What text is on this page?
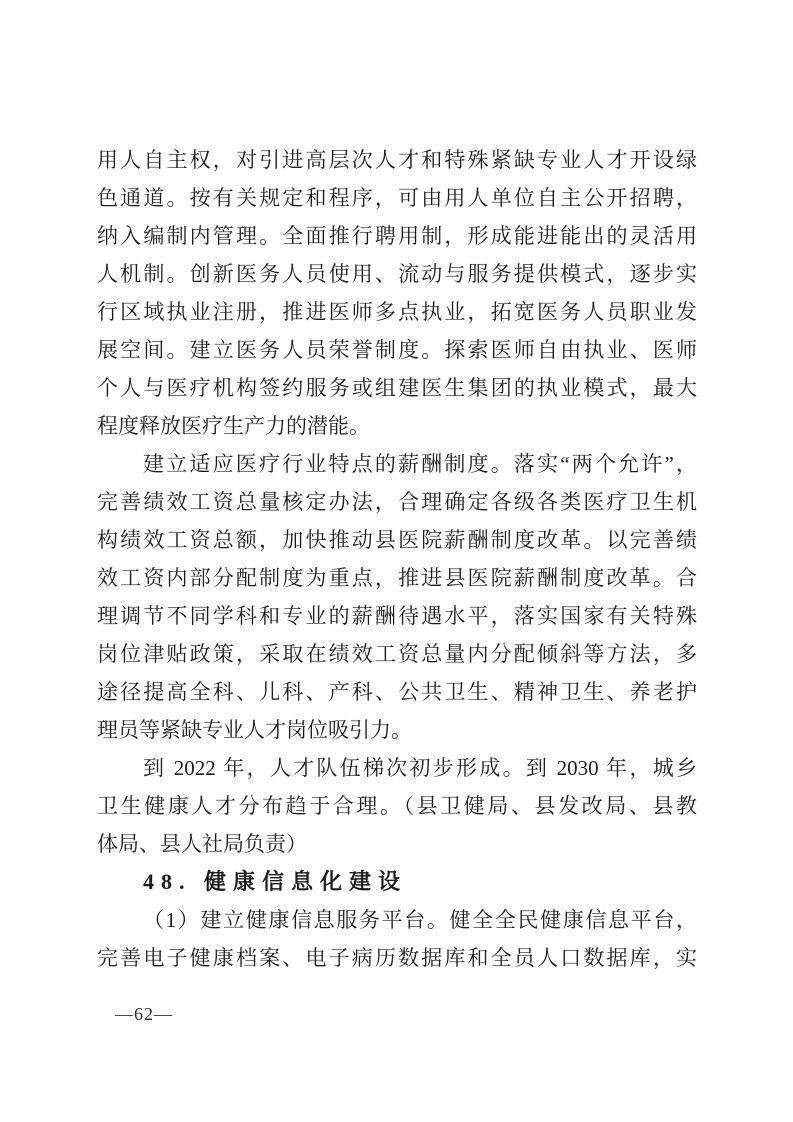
用人自主权，对引进高层次人才和特殊紧缺专业人才开设绿
色通道。按有关规定和程序，可由用人单位自主公开招聘，
纳入编制内管理。全面推行聘用制，形成能进能出的灵活用
人机制。创新医务人员使用、流动与服务提供模式，逐步实
行区域执业注册，推进医师多点执业，拓宽医务人员职业发
展空间。建立医务人员荣誉制度。探索医师自由执业、医师
个人与医疗机构签约服务或组建医生集团的执业模式，最大
程度释放医疗生产力的潜能。
建立适应医疗行业特点的薪酬制度。落实“两个允许”，
完善绩效工资总量核定办法，合理确定各级各类医疗卫生机
构绩效工资总额，加快推动县医院薪酬制度改革。以完善绩
效工资内部分配制度为重点，推进县医院薪酬制度改革。合
理调节不同学科和专业的薪酬待遇水平，落实国家有关特殊
岗位津贴政策，采取在绩效工资总量内分配倾斜等方法，多
途径提高全科、儿科、产科、公共卫生、精神卫生、养老护
理员等紧缺专业人才岗位吸引力。
到 2022 年，人才队伍梯次初步形成。到 2030 年，城乡
卫生健康人才分布趋于合理。（县卫健局、县发改局、县教
体局、县人社局负责）
48. 健康信息化建设
（1）建立健康信息服务平台。健全全民健康信息平台，
完善电子健康档案、电子病历数据库和全员人口数据库，实
—62—
